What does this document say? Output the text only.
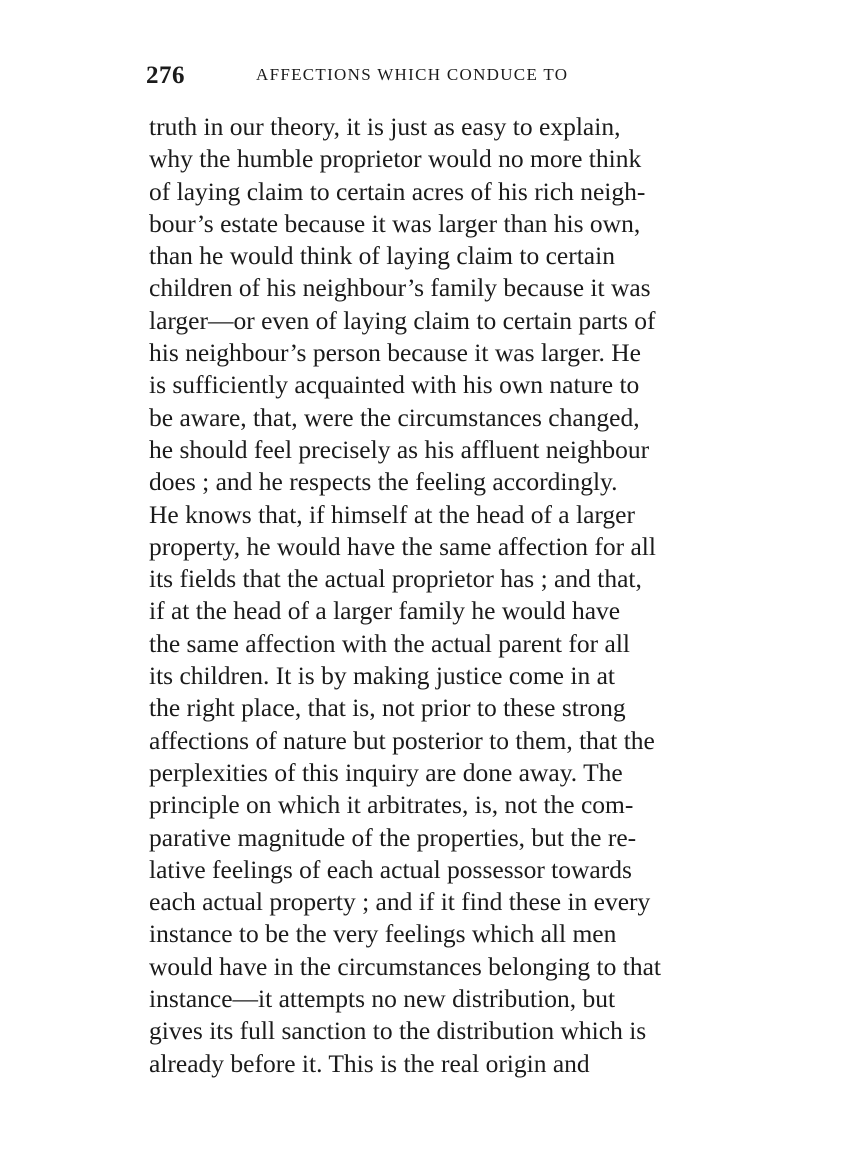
276	AFFECTIONS WHICH CONDUCE TO
truth in our theory, it is just as easy to explain,
why the humble proprietor would no more think
of laying claim to certain acres of his rich neigh-
bour’s estate because it was larger than his own,
than he would think of laying claim to certain
children of his neighbour’s family because it was
larger—or even of laying claim to certain parts of
his neighbour’s person because it was larger. He
is sufficiently acquainted with his own nature to
be aware, that, were the circumstances changed,
he should feel precisely as his affluent neighbour
does ; and he respects the feeling accordingly.
He knows that, if himself at the head of a larger
property, he would have the same affection for all
its fields that the actual proprietor has ; and that,
if at the head of a larger family he would have
the same affection with the actual parent for all
its children. It is by making justice come in at
the right place, that is, not prior to these strong
affections of nature but posterior to them, that the
perplexities of this inquiry are done away. The
principle on which it arbitrates, is, not the com-
parative magnitude of the properties, but the re-
lative feelings of each actual possessor towards
each actual property ; and if it find these in every
instance to be the very feelings which all men
would have in the circumstances belonging to that
instance—it attempts no new distribution, but
gives its full sanction to the distribution which is
already before it. This is the real origin and
